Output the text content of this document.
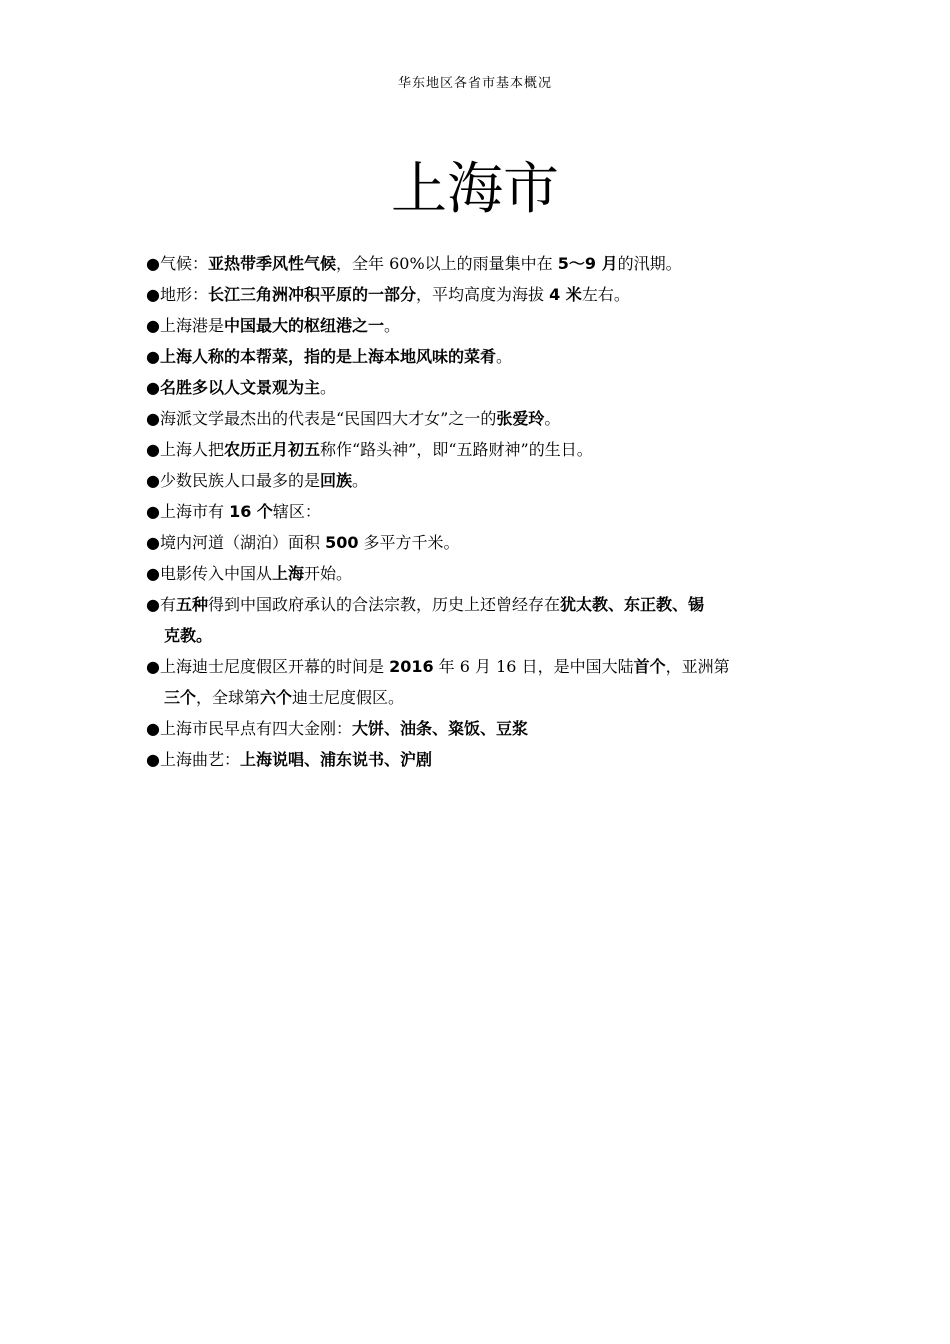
华东地区各省市基本概况
上海市
●气候：亚热带季风性气候，全年 60%以上的雨量集中在 5～9 月的汛期。
●地形：长江三角洲冲积平原的一部分，平均高度为海拔 4 米左右。
●上海港是中国最大的枢纽港之一。
●上海人称的本帮菜，指的是上海本地风味的菜肴。
●名胜多以人文景观为主。
●海派文学最杰出的代表是“民国四大才女”之一的张爱玲。
●上海人把农历正月初五称作“路头神”，即“五路财神”的生日。
●少数民族人口最多的是回族。
●上海市有 16 个辖区：
●境内河道（湖泊）面积 500 多平方千米。
●电影传入中国从上海开始。
●有五种得到中国政府承认的合法宗教，历史上还曾经存在犹太教、东正教、锡
克教。
●上海迪士尼度假区开幕的时间是 2016 年 6 月 16 日，是中国大陆首个，亚洲第
三个，全球第六个迪士尼度假区。
●上海市民早点有四大金刚：大饼、油条、粢饭、豆浆
●上海曲艺：上海说唱、浦东说书、沪剧
